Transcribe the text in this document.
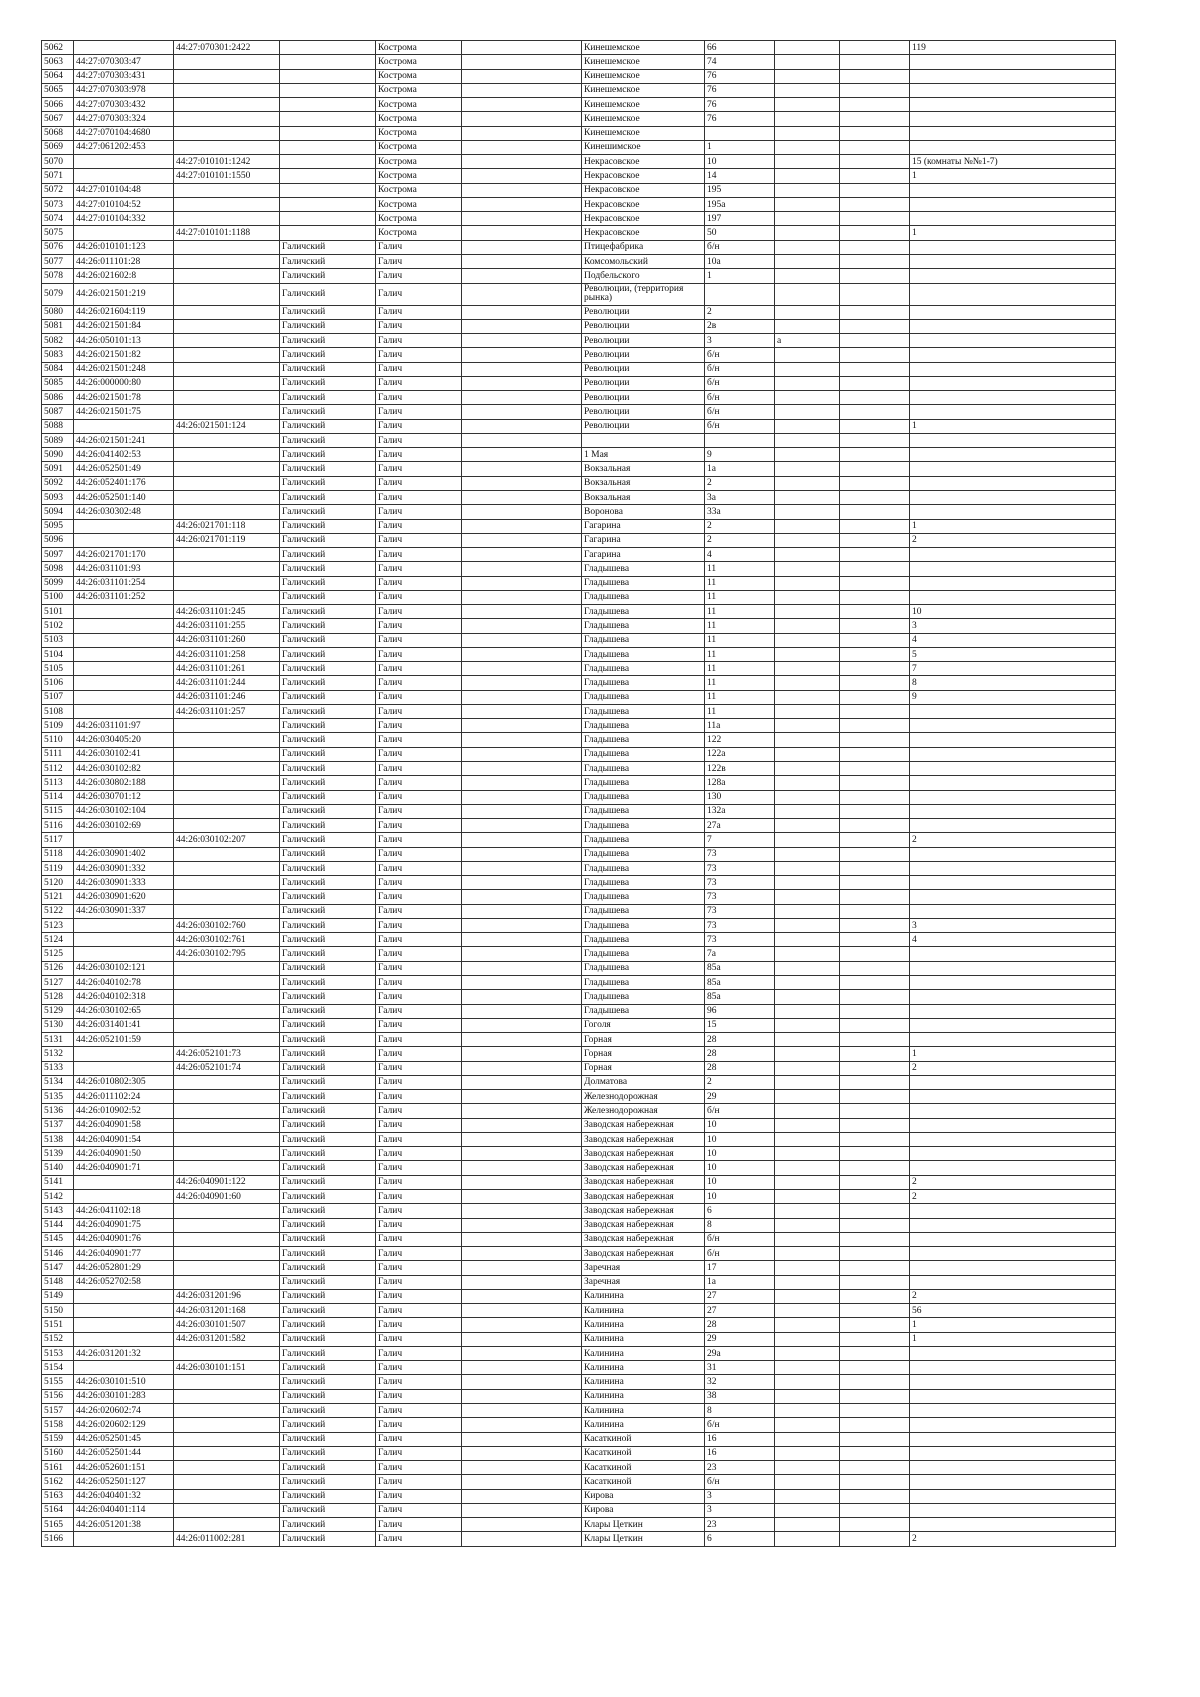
5062		44:27:070301:2422		Кострома		Кинешемское	66			119
5063	44:27:070303:47			Кострома		Кинешемское	74			
5064	44:27:070303:431			Кострома		Кинешемское	76			
5065	44:27:070303:978			Кострома		Кинешемское	76			
5066	44:27:070303:432			Кострома		Кинешемское	76			
5067	44:27:070303:324			Кострома		Кинешемское	76			
5068	44:27:070104:4680			Кострома		Кинешемское				
5069	44:27:061202:453			Кострома		Кинешимское	1			
5070		44:27:010101:1242		Кострома		Некрасовское	10			15 (комнаты №№1-7)
5071		44:27:010101:1550		Кострома		Некрасовское	14			1
5072	44:27:010104:48			Кострома		Некрасовское	195			
5073	44:27:010104:52			Кострома		Некрасовское	195а			
5074	44:27:010104:332			Кострома		Некрасовское	197			
5075		44:27:010101:1188		Кострома		Некрасовское	50			1
5076	44:26:010101:123		Галичский	Галич		Птицефабрика	б/н			
5077	44:26:011101:28		Галичский	Галич		Комсомольский	10а			
5078	44:26:021602:8		Галичский	Галич		Подбельского	1			
5079	44:26:021501:219		Галичский	Галич		Революции, (территория рынка)				
5080	44:26:021604:119		Галичский	Галич		Революции	2			
5081	44:26:021501:84		Галичский	Галич		Революции	2в			
5082	44:26:050101:13		Галичский	Галич		Революции	3	а		
5083	44:26:021501:82		Галичский	Галич		Революции	б/н			
5084	44:26:021501:248		Галичский	Галич		Революции	б/н			
5085	44:26:000000:80		Галичский	Галич		Революции	б/н			
5086	44:26:021501:78		Галичский	Галич		Революции	б/н			
5087	44:26:021501:75		Галичский	Галич		Революции	б/н			
5088		44:26:021501:124	Галичский	Галич		Революции	б/н			1
5089	44:26:021501:241		Галичский	Галич						
5090	44:26:041402:53		Галичский	Галич		1 Мая	9			
5091	44:26:052501:49		Галичский	Галич		Вокзальная	1а			
5092	44:26:052401:176		Галичский	Галич		Вокзальная	2			
5093	44:26:052501:140		Галичский	Галич		Вокзальная	3а			
5094	44:26:030302:48		Галичский	Галич		Воронова	33а			
5095		44:26:021701:118	Галичский	Галич		Гагарина	2			1
5096		44:26:021701:119	Галичский	Галич		Гагарина	2			2
5097	44:26:021701:170		Галичский	Галич		Гагарина	4			
5098	44:26:031101:93		Галичский	Галич		Гладышева	11			
5099	44:26:031101:254		Галичский	Галич		Гладышева	11			
5100	44:26:031101:252		Галичский	Галич		Гладышева	11			
5101		44:26:031101:245	Галичский	Галич		Гладышева	11			10
5102		44:26:031101:255	Галичский	Галич		Гладышева	11			3
5103		44:26:031101:260	Галичский	Галич		Гладышева	11			4
5104		44:26:031101:258	Галичский	Галич		Гладышева	11			5
5105		44:26:031101:261	Галичский	Галич		Гладышева	11			7
5106		44:26:031101:244	Галичский	Галич		Гладышева	11			8
5107		44:26:031101:246	Галичский	Галич		Гладышева	11			9
5108		44:26:031101:257	Галичский	Галич		Гладышева	11			
5109	44:26:031101:97		Галичский	Галич		Гладышева	11а			
5110	44:26:030405:20		Галичский	Галич		Гладышева	122			
5111	44:26:030102:41		Галичский	Галич		Гладышева	122а			
5112	44:26:030102:82		Галичский	Галич		Гладышева	122в			
5113	44:26:030802:188		Галичский	Галич		Гладышева	128а			
5114	44:26:030701:12		Галичский	Галич		Гладышева	130			
5115	44:26:030102:104		Галичский	Галич		Гладышева	132а			
5116	44:26:030102:69		Галичский	Галич		Гладышева	27а			
5117		44:26:030102:207	Галичский	Галич		Гладышева	7			2
5118	44:26:030901:402		Галичский	Галич		Гладышева	73			
5119	44:26:030901:332		Галичский	Галич		Гладышева	73			
5120	44:26:030901:333		Галичский	Галич		Гладышева	73			
5121	44:26:030901:620		Галичский	Галич		Гладышева	73			
5122	44:26:030901:337		Галичский	Галич		Гладышева	73			
5123		44:26:030102:760	Галичский	Галич		Гладышева	73			3
5124		44:26:030102:761	Галичский	Галич		Гладышева	73			4
5125		44:26:030102:795	Галичский	Галич		Гладышева	7а			
5126	44:26:030102:121		Галичский	Галич		Гладышева	85а			
5127	44:26:040102:78		Галичский	Галич		Гладышева	85а			
5128	44:26:040102:318		Галичский	Галич		Гладышева	85а			
5129	44:26:030102:65		Галичский	Галич		Гладышева	96			
5130	44:26:031401:41		Галичский	Галич		Гоголя	15			
5131	44:26:052101:59		Галичский	Галич		Горная	28			
5132		44:26:052101:73	Галичский	Галич		Горная	28			1
5133		44:26:052101:74	Галичский	Галич		Горная	28			2
5134	44:26:010802:305		Галичский	Галич		Долматова	2			
5135	44:26:011102:24		Галичский	Галич		Железнодорожная	29			
5136	44:26:010902:52		Галичский	Галич		Железнодорожная	б/н			
5137	44:26:040901:58		Галичский	Галич		Заводская набережная	10			
5138	44:26:040901:54		Галичский	Галич		Заводская набережная	10			
5139	44:26:040901:50		Галичский	Галич		Заводская набережная	10			
5140	44:26:040901:71		Галичский	Галич		Заводская набережная	10			
5141		44:26:040901:122	Галичский	Галич		Заводская набережная	10			2
5142		44:26:040901:60	Галичский	Галич		Заводская набережная	10			2
5143	44:26:041102:18		Галичский	Галич		Заводская набережная	6			
5144	44:26:040901:75		Галичский	Галич		Заводская набережная	8			
5145	44:26:040901:76		Галичский	Галич		Заводская набережная	б/н			
5146	44:26:040901:77		Галичский	Галич		Заводская набережная	б/н			
5147	44:26:052801:29		Галичский	Галич		Заречная	17			
5148	44:26:052702:58		Галичский	Галич		Заречная	1а			
5149		44:26:031201:96	Галичский	Галич		Калинина	27			2
5150		44:26:031201:168	Галичский	Галич		Калинина	27			56
5151		44:26:030101:507	Галичский	Галич		Калинина	28			1
5152		44:26:031201:582	Галичский	Галич		Калинина	29			1
5153	44:26:031201:32		Галичский	Галич		Калинина	29а			
5154		44:26:030101:151	Галичский	Галич		Калинина	31			
5155	44:26:030101:510		Галичский	Галич		Калинина	32			
5156	44:26:030101:283		Галичский	Галич		Калинина	38			
5157	44:26:020602:74		Галичский	Галич		Калинина	8			
5158	44:26:020602:129		Галичский	Галич		Калинина	б/н			
5159	44:26:052501:45		Галичский	Галич		Касаткиной	16			
5160	44:26:052501:44		Галичский	Галич		Касаткиной	16			
5161	44:26:052601:151		Галичский	Галич		Касаткиной	23			
5162	44:26:052501:127		Галичский	Галич		Касаткиной	б/н			
5163	44:26:040401:32		Галичский	Галич		Кирова	3			
5164	44:26:040401:114		Галичский	Галич		Кирова	3			
5165	44:26:051201:38		Галичский	Галич		Клары Цеткин	23			
5166		44:26:011002:281	Галичский	Галич		Клары Цеткин	6			2
